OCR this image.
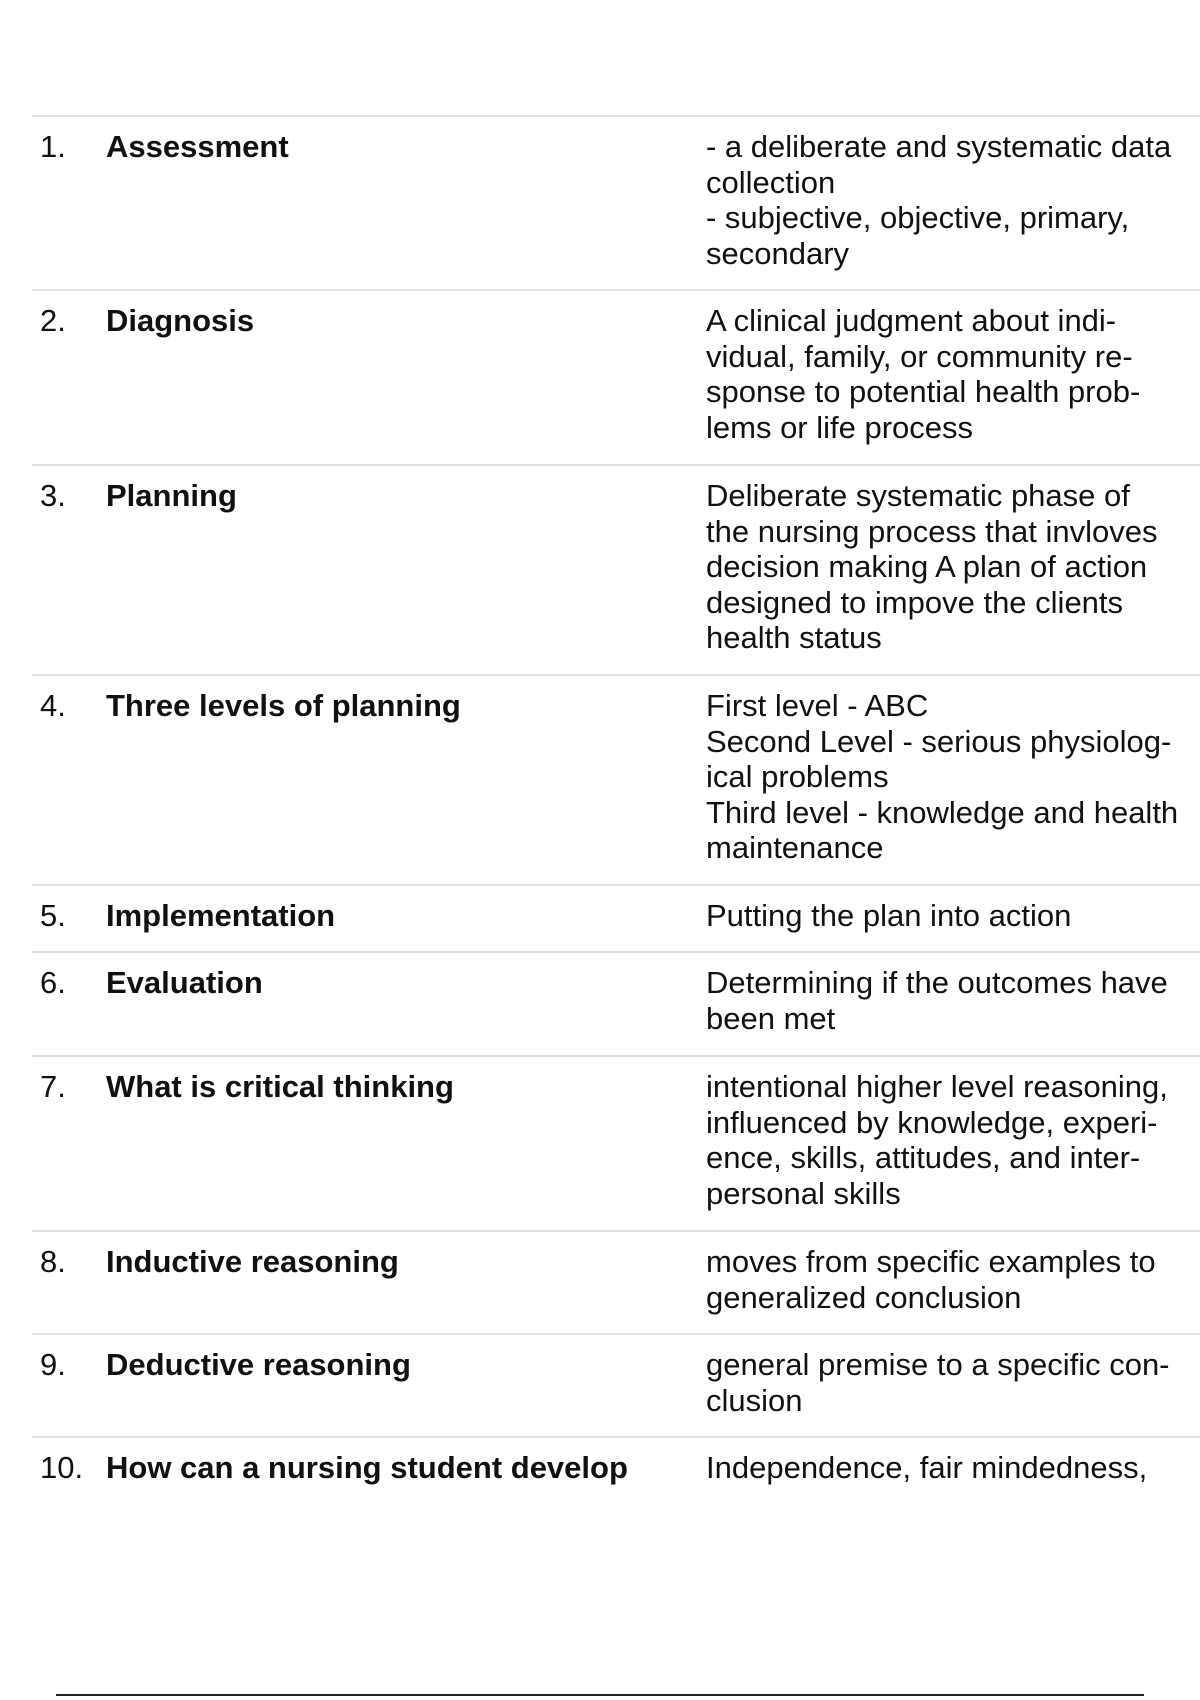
1.	Assessment	- a deliberate and systematic data
collection
- subjective, objective, primary,
secondary
2.	Diagnosis	A clinical judgment about indi-
vidual, family, or community re-
sponse to potential health prob-
lems or life process
3.	Planning	Deliberate systematic phase of
the nursing process that invloves
decision making A plan of action
designed to impove the clients
health status
4.	Three levels of planning	First level - ABC
Second Level - serious physiolog-
ical problems
Third level - knowledge and health
maintenance
5.	Implementation	Putting the plan into action
6.	Evaluation	Determining if the outcomes have
been met
7.	What is critical thinking	intentional higher level reasoning,
influenced by knowledge, experi-
ence, skills, attitudes, and inter-
personal skills
8.	Inductive reasoning	moves from specific examples to
generalized conclusion
9.	Deductive reasoning	general premise to a specific con-
clusion
10. How can a nursing student develop	Independence, fair mindedness,
